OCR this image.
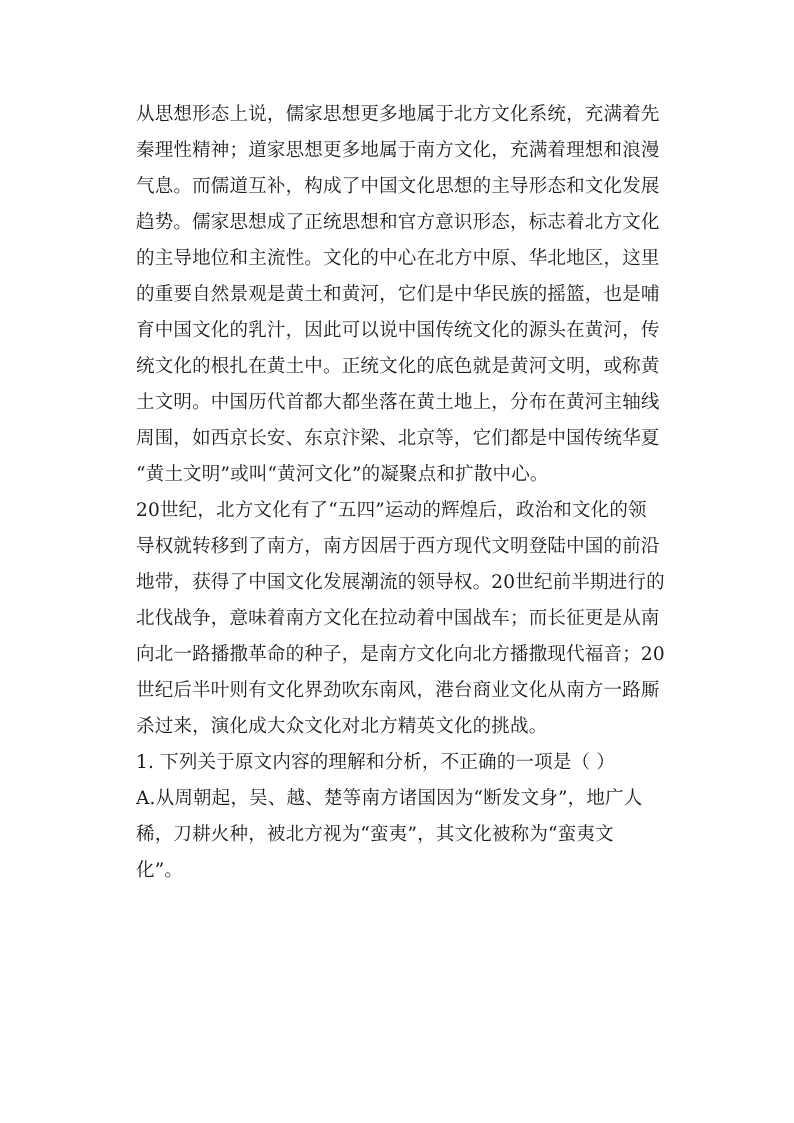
从思想形态上说，儒家思想更多地属于北方文化系统，充满着先

秦理性精神；道家思想更多地属于南方文化，充满着理想和浪漫

气息。而儒道互补，构成了中国文化思想的主导形态和文化发展

趋势。儒家思想成了正统思想和官方意识形态，标志着北方文化

的主导地位和主流性。文化的中心在北方中原、华北地区，这里

的重要自然景观是黄土和黄河，它们是中华民族的摇篮，也是哺

育中国文化的乳汁，因此可以说中国传统文化的源头在黄河，传

统文化的根扎在黄土中。正统文化的底色就是黄河文明，或称黄

土文明。中国历代首都大都坐落在黄土地上，分布在黄河主轴线

周围，如西京长安、东京汴梁、北京等，它们都是中国传统华夏

“黄土文明”或叫“黄河文化”的凝聚点和扩散中心。

20世纪，北方文化有了“五四”运动的辉煌后，政治和文化的领

导权就转移到了南方，南方因居于西方现代文明登陆中国的前沿

地带，获得了中国文化发展潮流的领导权。20世纪前半期进行的

北伐战争，意味着南方文化在拉动着中国战车；而长征更是从南

向北一路播撒革命的种子，是南方文化向北方播撒现代福音；20

世纪后半叶则有文化界劲吹东南风，港台商业文化从南方一路厮

杀过来，演化成大众文化对北方精英文化的挑战。

1. 下列关于原文内容的理解和分析，不正确的一项是（ ）

A.从周朝起，吴、越、楚等南方诸国因为“断发文身”，地广人

稀，刀耕火种，被北方视为“蛮夷”，其文化被称为“蛮夷文

化”。
